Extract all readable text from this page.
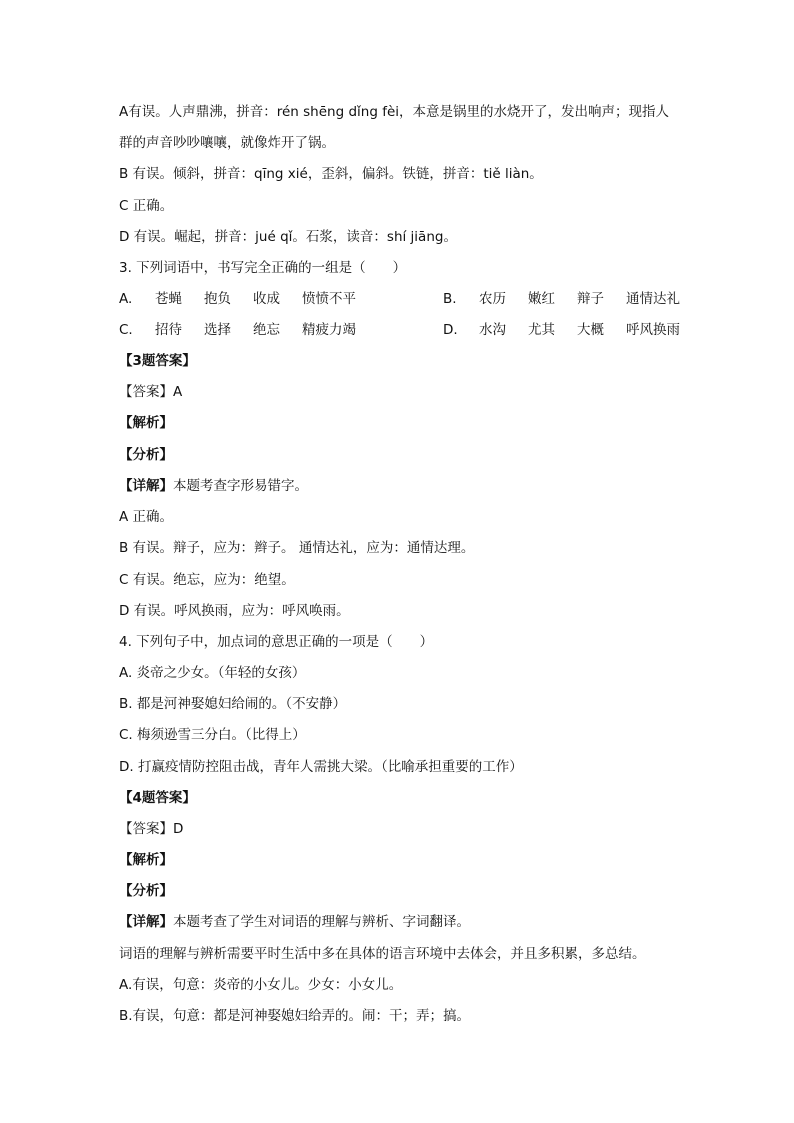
A有误。人声鼎沸，拼音：rén shēng dǐng fèi，本意是锅里的水烧开了，发出响声；现指人
群的声音吵吵嚷嚷，就像炸开了锅。
B 有误。倾斜，拼音：qīng xié，歪斜，偏斜。铁链，拼音：tiě liàn。
C 正确。
D 有误。崛起，拼音：jué qǐ。石浆，读音：shí jiāng。
3. 下列词语中，书写完全正确的一组是（　　）
A. 苍蝇 抱负 收成 愤愤不平	B. 农历 嫩红 辩子 通情达礼
C. 招待 选择 绝忘 精疲力竭	D. 水沟 尤其 大概 呼风换雨
【3题答案】
【答案】A
【解析】
【分析】
【详解】本题考查字形易错字。
A 正确。
B 有误。辩子，应为：辫子。 通情达礼，应为：通情达理。
C 有误。绝忘，应为：绝望。
D 有误。呼风换雨，应为：呼风唤雨。
4. 下列句子中，加点词的意思正确的一项是（　　）
A. 炎帝之少女。（年轻的女孩）
B. 都是河神娶媳妇给闹的。（不安静）
C. 梅须逊雪三分白。（比得上）
D. 打赢疫情防控阻击战，青年人需挑大梁。（比喻承担重要的工作）
【4题答案】
【答案】D
【解析】
【分析】
【详解】本题考查了学生对词语的理解与辨析、字词翻译。
词语的理解与辨析需要平时生活中多在具体的语言环境中去体会，并且多积累，多总结。
A.有误，句意：炎帝的小女儿。少女：小女儿。
B.有误，句意：都是河神娶媳妇给弄的。闹：干；弄；搞。
